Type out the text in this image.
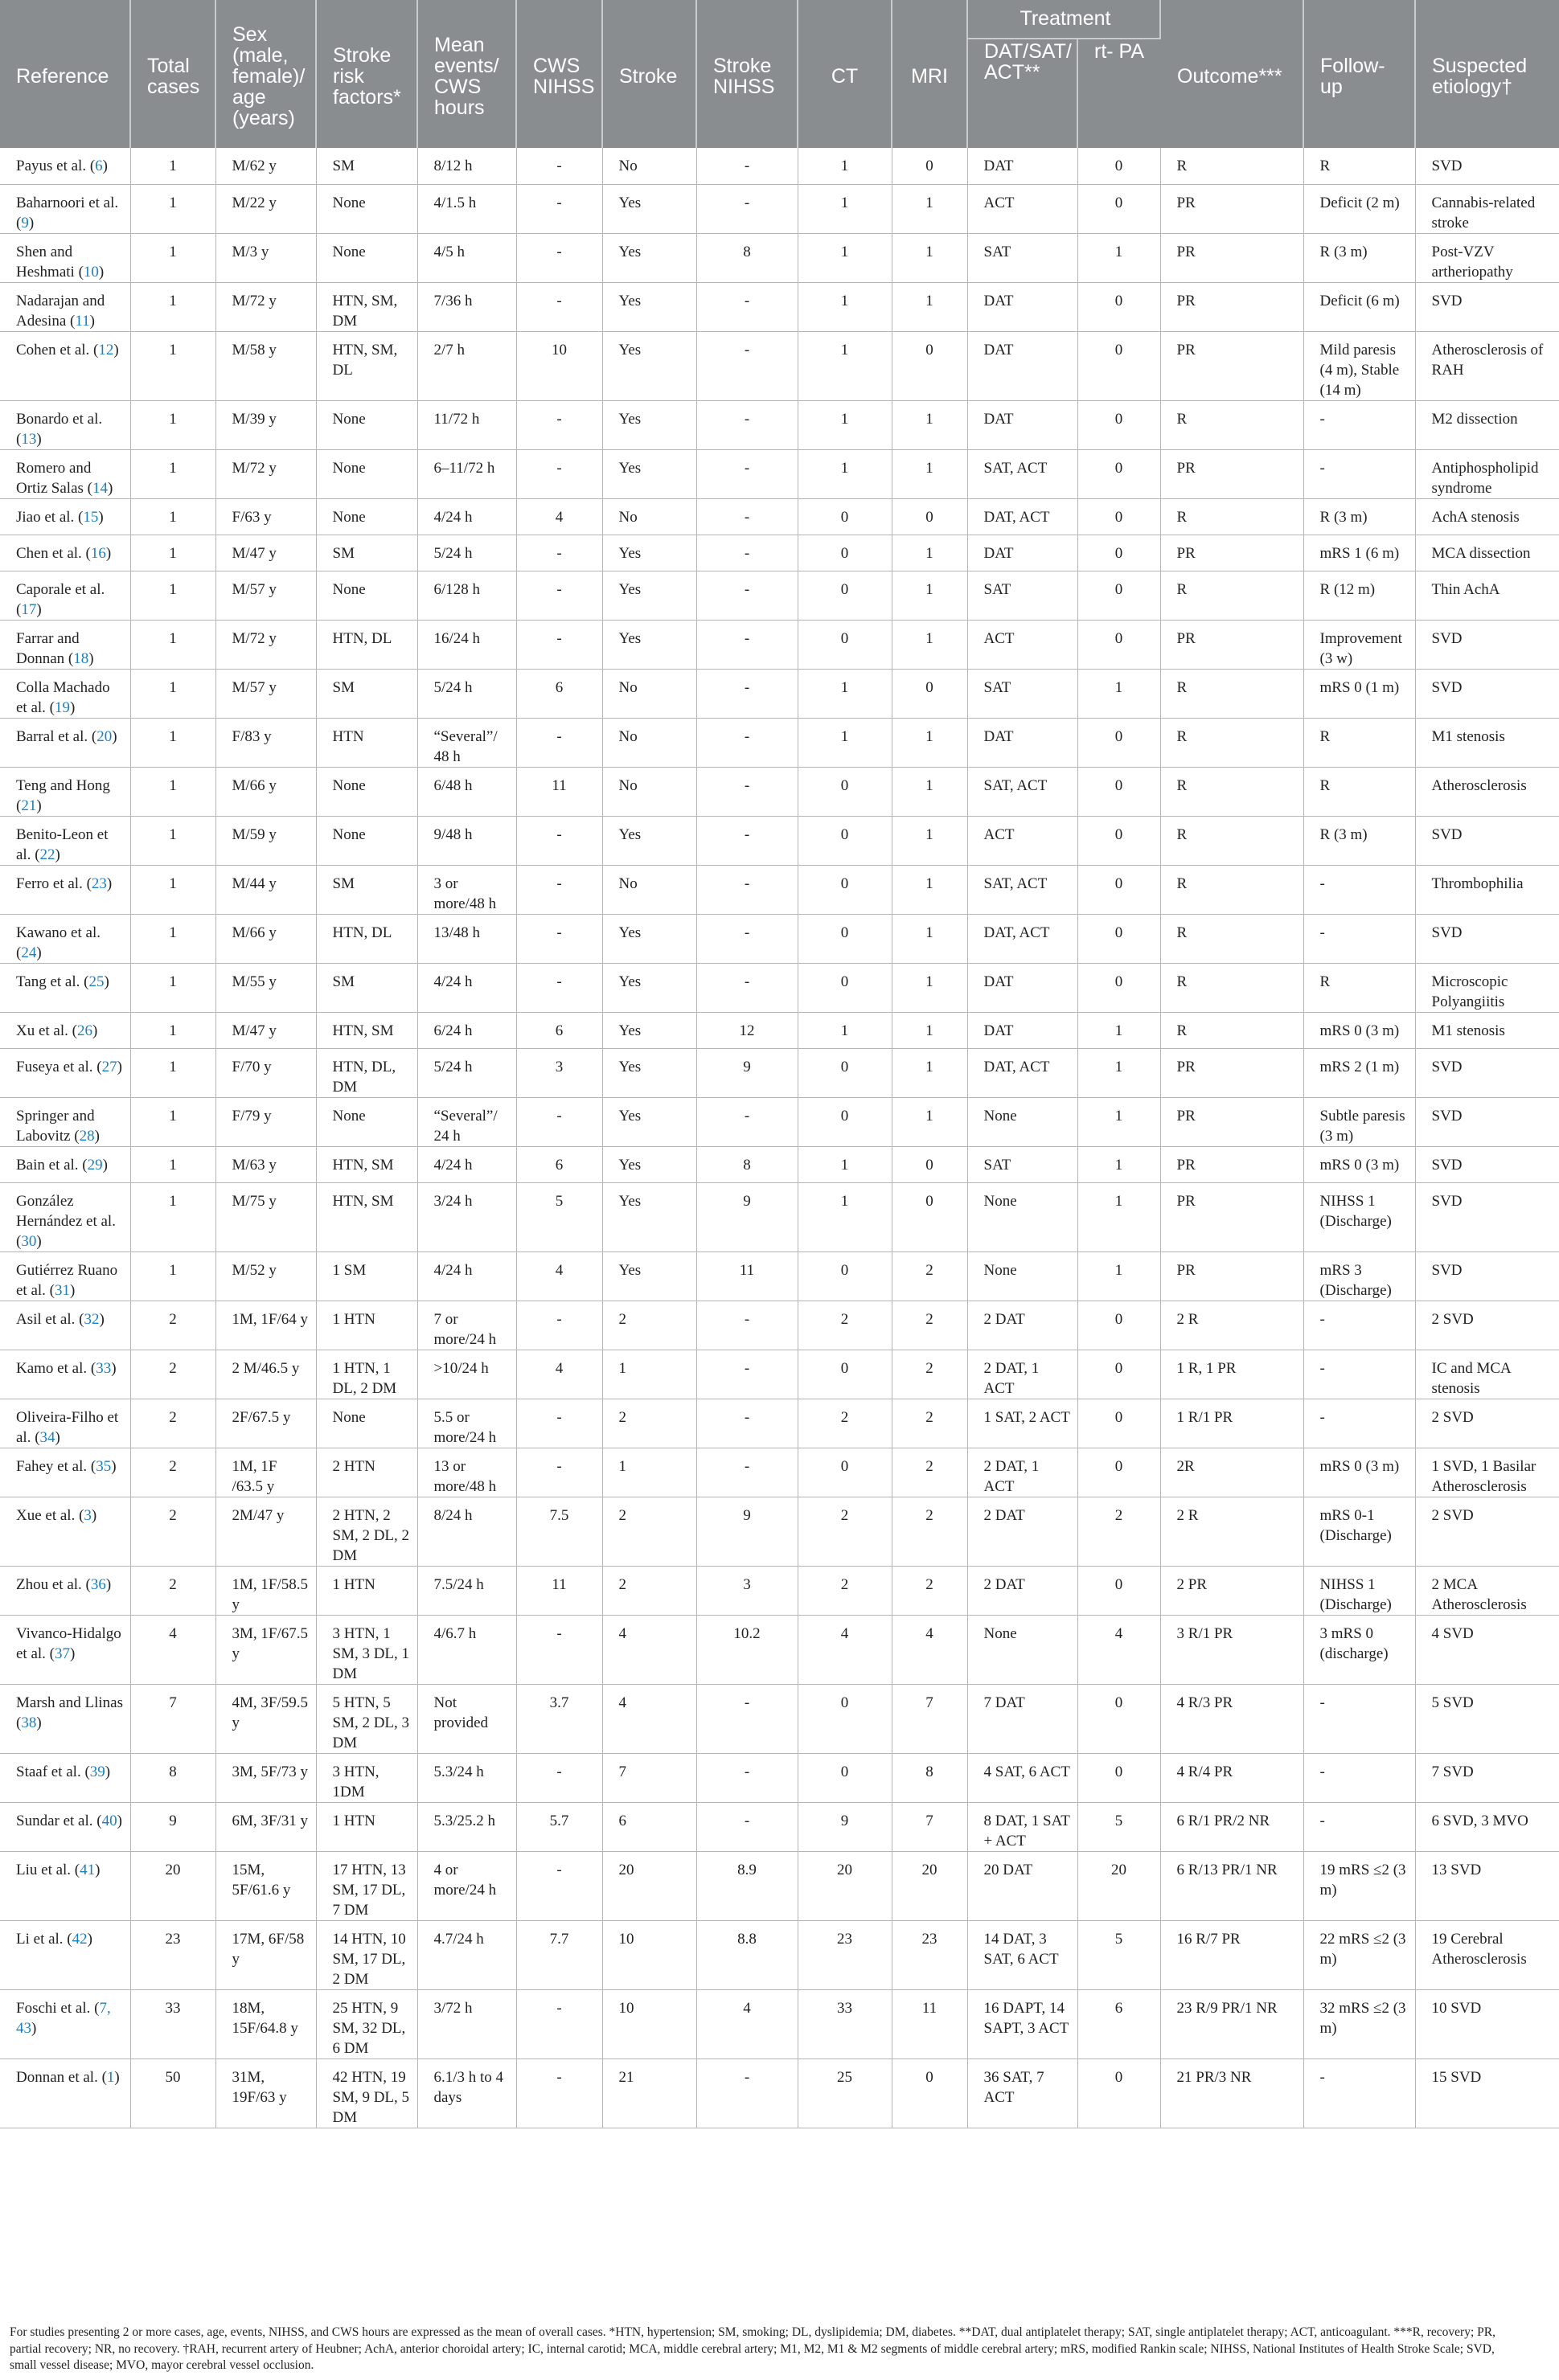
Reference	Total cases	Sex (male, female)/ age (years)	Stroke risk factors*	Mean events/ CWS hours	CWS NIHSS	Stroke	Stroke NIHSS	CT	MRI	Treatment		Outcome***	Follow- up	Suspected etiology†
										DAT/SAT/ ACT**	rt- PA			
Payus et al. (6)	1	M/62 y	SM	8/12 h	-	No	-	1	0	DAT	0	R	R	SVD
Baharnoori et al. (9)	1	M/22 y	None	4/1.5 h	-	Yes	-	1	1	ACT	0	PR	Deficit (2 m)	Cannabis-related stroke
Shen and Heshmati (10)	1	M/3 y	None	4/5 h	-	Yes	8	1	1	SAT	1	PR	R (3 m)	Post-VZV artheriopathy
Nadarajan and Adesina (11)	1	M/72 y	HTN, SM, DM	7/36 h	-	Yes	-	1	1	DAT	0	PR	Deficit (6 m)	SVD
Cohen et al. (12)	1	M/58 y	HTN, SM, DL	2/7 h	10	Yes	-	1	0	DAT	0	PR	Mild paresis (4 m), Stable (14 m)	Atherosclerosis of RAH
Bonardo et al. (13)	1	M/39 y	None	11/72 h	-	Yes	-	1	1	DAT	0	R	-	M2 dissection
Romero and Ortiz Salas (14)	1	M/72 y	None	6–11/72 h	-	Yes	-	1	1	SAT, ACT	0	PR	-	Antiphospholipid syndrome
Jiao et al. (15)	1	F/63 y	None	4/24 h	4	No	-	0	0	DAT, ACT	0	R	R (3 m)	AchA stenosis
Chen et al. (16)	1	M/47 y	SM	5/24 h	-	Yes	-	0	1	DAT	0	PR	mRS 1 (6 m)	MCA dissection
Caporale et al. (17)	1	M/57 y	None	6/128 h	-	Yes	-	0	1	SAT	0	R	R (12 m)	Thin AchA
Farrar and Donnan (18)	1	M/72 y	HTN, DL	16/24 h	-	Yes	-	0	1	ACT	0	PR	Improvement (3 w)	SVD
Colla Machado et al. (19)	1	M/57 y	SM	5/24 h	6	No	-	1	0	SAT	1	R	mRS 0 (1 m)	SVD
Barral et al. (20)	1	F/83 y	HTN	“Several”/ 48 h	-	No	-	1	1	DAT	0	R	R	M1 stenosis
Teng and Hong (21)	1	M/66 y	None	6/48 h	11	No	-	0	1	SAT, ACT	0	R	R	Atherosclerosis
Benito-Leon et al. (22)	1	M/59 y	None	9/48 h	-	Yes	-	0	1	ACT	0	R	R (3 m)	SVD
Ferro et al. (23)	1	M/44 y	SM	3 or more/48 h	-	No	-	0	1	SAT, ACT	0	R	-	Thrombophilia
Kawano et al. (24)	1	M/66 y	HTN, DL	13/48 h	-	Yes	-	0	1	DAT, ACT	0	R	-	SVD
Tang et al. (25)	1	M/55 y	SM	4/24 h	-	Yes	-	0	1	DAT	0	R	R	Microscopic Polyangiitis
Xu et al. (26)	1	M/47 y	HTN, SM	6/24 h	6	Yes	12	1	1	DAT	1	R	mRS 0 (3 m)	M1 stenosis
Fuseya et al. (27)	1	F/70 y	HTN, DL, DM	5/24 h	3	Yes	9	0	1	DAT, ACT	1	PR	mRS 2 (1 m)	SVD
Springer and Labovitz (28)	1	F/79 y	None	“Several”/ 24 h	-	Yes	-	0	1	None	1	PR	Subtle paresis (3 m)	SVD
Bain et al. (29)	1	M/63 y	HTN, SM	4/24 h	6	Yes	8	1	0	SAT	1	PR	mRS 0 (3 m)	SVD
González Hernández et al. (30)	1	M/75 y	HTN, SM	3/24 h	5	Yes	9	1	0	None	1	PR	NIHSS 1 (Discharge)	SVD
Gutiérrez Ruano et al. (31)	1	M/52 y	1 SM	4/24 h	4	Yes	11	0	2	None	1	PR	mRS 3 (Discharge)	SVD
Asil et al. (32)	2	1M, 1F/64 y	1 HTN	7 or more/24 h	-	2	-	2	2	2 DAT	0	2 R	-	2 SVD
Kamo et al. (33)	2	2 M/46.5 y	1 HTN, 1 DL, 2 DM	>10/24 h	4	1	-	0	2	2 DAT, 1 ACT	0	1 R, 1 PR	-	IC and MCA stenosis
Oliveira-Filho et al. (34)	2	2F/67.5 y	None	5.5 or more/24 h	-	2	-	2	2	1 SAT, 2 ACT	0	1 R/1 PR	-	2 SVD
Fahey et al. (35)	2	1M, 1F /63.5 y	2 HTN	13 or more/48 h	-	1	-	0	2	2 DAT, 1 ACT	0	2R	mRS 0 (3 m)	1 SVD, 1 Basilar Atherosclerosis
Xue et al. (3)	2	2M/47 y	2 HTN, 2 SM, 2 DL, 2 DM	8/24 h	7.5	2	9	2	2	2 DAT	2	2 R	mRS 0-1 (Discharge)	2 SVD
Zhou et al. (36)	2	1M, 1F/58.5 y	1 HTN	7.5/24 h	11	2	3	2	2	2 DAT	0	2 PR	NIHSS 1 (Discharge)	2 MCA Atherosclerosis
Vivanco-Hidalgo et al. (37)	4	3M, 1F/67.5 y	3 HTN, 1 SM, 3 DL, 1 DM	4/6.7 h	-	4	10.2	4	4	None	4	3 R/1 PR	3 mRS 0 (discharge)	4 SVD
Marsh and Llinas (38)	7	4M, 3F/59.5 y	5 HTN, 5 SM, 2 DL, 3 DM	Not provided	3.7	4	-	0	7	7 DAT	0	4 R/3 PR	-	5 SVD
Staaf et al. (39)	8	3M, 5F/73 y	3 HTN, 1DM	5.3/24 h	-	7	-	0	8	4 SAT, 6 ACT	0	4 R/4 PR	-	7 SVD
Sundar et al. (40)	9	6M, 3F/31 y	1 HTN	5.3/25.2 h	5.7	6	-	9	7	8 DAT, 1 SAT + ACT	5	6 R/1 PR/2 NR	-	6 SVD, 3 MVO
Liu et al. (41)	20	15M, 5F/61.6 y	17 HTN, 13 SM, 17 DL, 7 DM	4 or more/24 h	-	20	8.9	20	20	20 DAT	20	6 R/13 PR/1 NR	19 mRS ≤2 (3 m)	13 SVD
Li et al. (42)	23	17M, 6F/58 y	14 HTN, 10 SM, 17 DL, 2 DM	4.7/24 h	7.7	10	8.8	23	23	14 DAT, 3 SAT, 6 ACT	5	16 R/7 PR	22 mRS ≤2 (3 m)	19 Cerebral Atherosclerosis
Foschi et al. (7, 43)	33	18M, 15F/64.8 y	25 HTN, 9 SM, 32 DL, 6 DM	3/72 h	-	10	4	33	11	16 DAPT, 14 SAPT, 3 ACT	6	23 R/9 PR/1 NR	32 mRS ≤2 (3 m)	10 SVD
Donnan et al. (1)	50	31M, 19F/63 y	42 HTN, 19 SM, 9 DL, 5 DM	6.1/3 h to 4 days	-	21	-	25	0	36 SAT, 7 ACT	0	21 PR/3 NR	-	15 SVD

For studies presenting 2 or more cases, age, events, NIHSS, and CWS hours are expressed as the mean of overall cases. *HTN, hypertension; SM, smoking; DL, dyslipidemia; DM, diabetes. **DAT, dual antiplatelet therapy; SAT, single antiplatelet therapy; ACT, anticoagulant. ***R, recovery; PR, partial recovery; NR, no recovery. †RAH, recurrent artery of Heubner; AchA, anterior choroidal artery; IC, internal carotid; MCA, middle cerebral artery; M1, M2, M1 & M2 segments of middle cerebral artery; mRS, modified Rankin scale; NIHSS, National Institutes of Health Stroke Scale; SVD, small vessel disease; MVO, mayor cerebral vessel occlusion.
